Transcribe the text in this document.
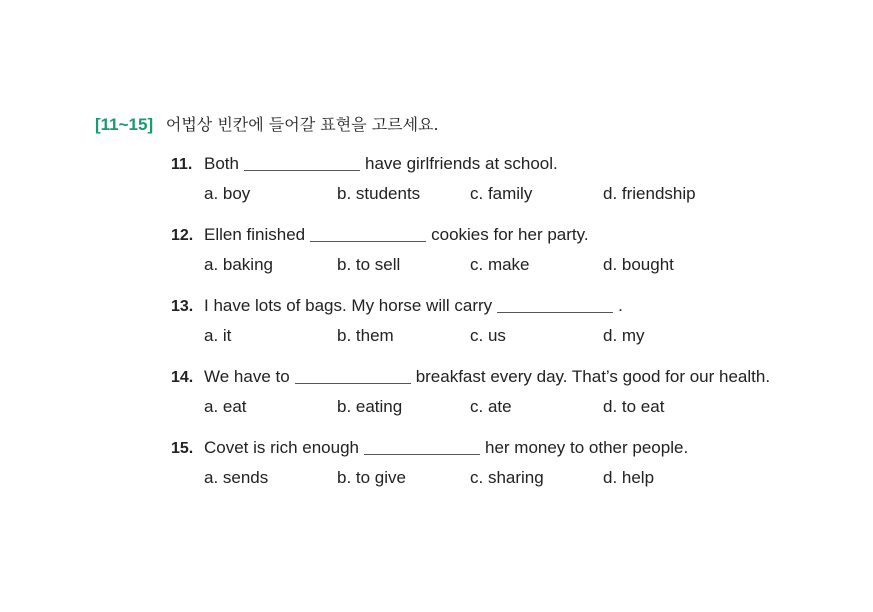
[11~15] 어법상 빈칸에 들어갈 표현을 고르세요.
11. Both	have girlfriends at school.
a. boy	b. students	c. family	d. friendship
12. Ellen finished	cookies for her party.
a. baking	b. to sell	c. make	d. bought
13. I have lots of bags. My horse will carry	.
a. it	b. them	c. us	d. my
14. We have to	breakfast every day. That’s good for our health.
a. eat	b. eating	c. ate	d. to eat
15. Covet is rich enough	her money to other people.
a. sends	b. to give	c. sharing	d. help
